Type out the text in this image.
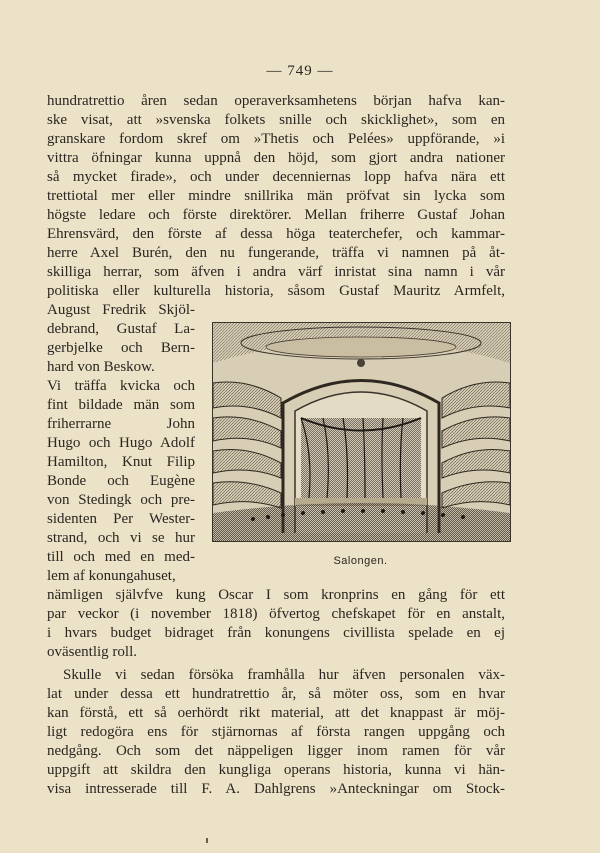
— 749 —
hundratrettio åren sedan operaverksamhetens början hafva kan-
ske visat, att »svenska folkets snille och skicklighet», som en
granskare fordom skref om »Thetis och Pelées» uppförande, »i
vittra öfningar kunna uppnå den höjd, som gjort andra nationer
så mycket firade», och under decenniernas lopp hafva nära ett
trettiotal mer eller mindre snillrika män pröfvat sin lycka som
högste ledare och förste direktörer. Mellan friherre Gustaf Johan
Ehrensvärd, den förste af dessa höga teaterchefer, och kammar-
herre Axel Burén, den nu fungerande, träffa vi namnen på åt-
skilliga herrar, som äfven i andra värf inristat sina namn i vår
politiska eller kulturella historia, såsom Gustaf Mauritz Armfelt,
August Fredrik Skjöl-
debrand, Gustaf La-
gerbjelke och Bern-
hard von Beskow.
Vi träffa kvicka och
fint bildade män som
friherrarne John
Hugo och Hugo Adolf
Hamilton, Knut Filip
Bonde och Eugène
von Stedingk och pre-
sidenten Per Wester-
strand, och vi se hur
till och med en med-
lem af konungahuset,
Salongen.
nämligen självfve kung Oscar I som kronprins en gång för ett
par veckor (i november 1818) öfvertog chefskapet för en anstalt,
i hvars budget bidraget från konungens civillista spelade en ej
oväsentlig roll.
Skulle vi sedan försöka framhålla hur äfven personalen väx-
lat under dessa ett hundratrettio år, så möter oss, som en hvar
kan förstå, ett så oerhördt rikt material, att det knappast är möj-
ligt redogöra ens för stjärnornas af första rangen uppgång och
nedgång. Och som det näppeligen ligger inom ramen för vår
uppgift att skildra den kungliga operans historia, kunna vi hän-
visa intresserade till F. A. Dahlgrens »Anteckningar om Stock-
